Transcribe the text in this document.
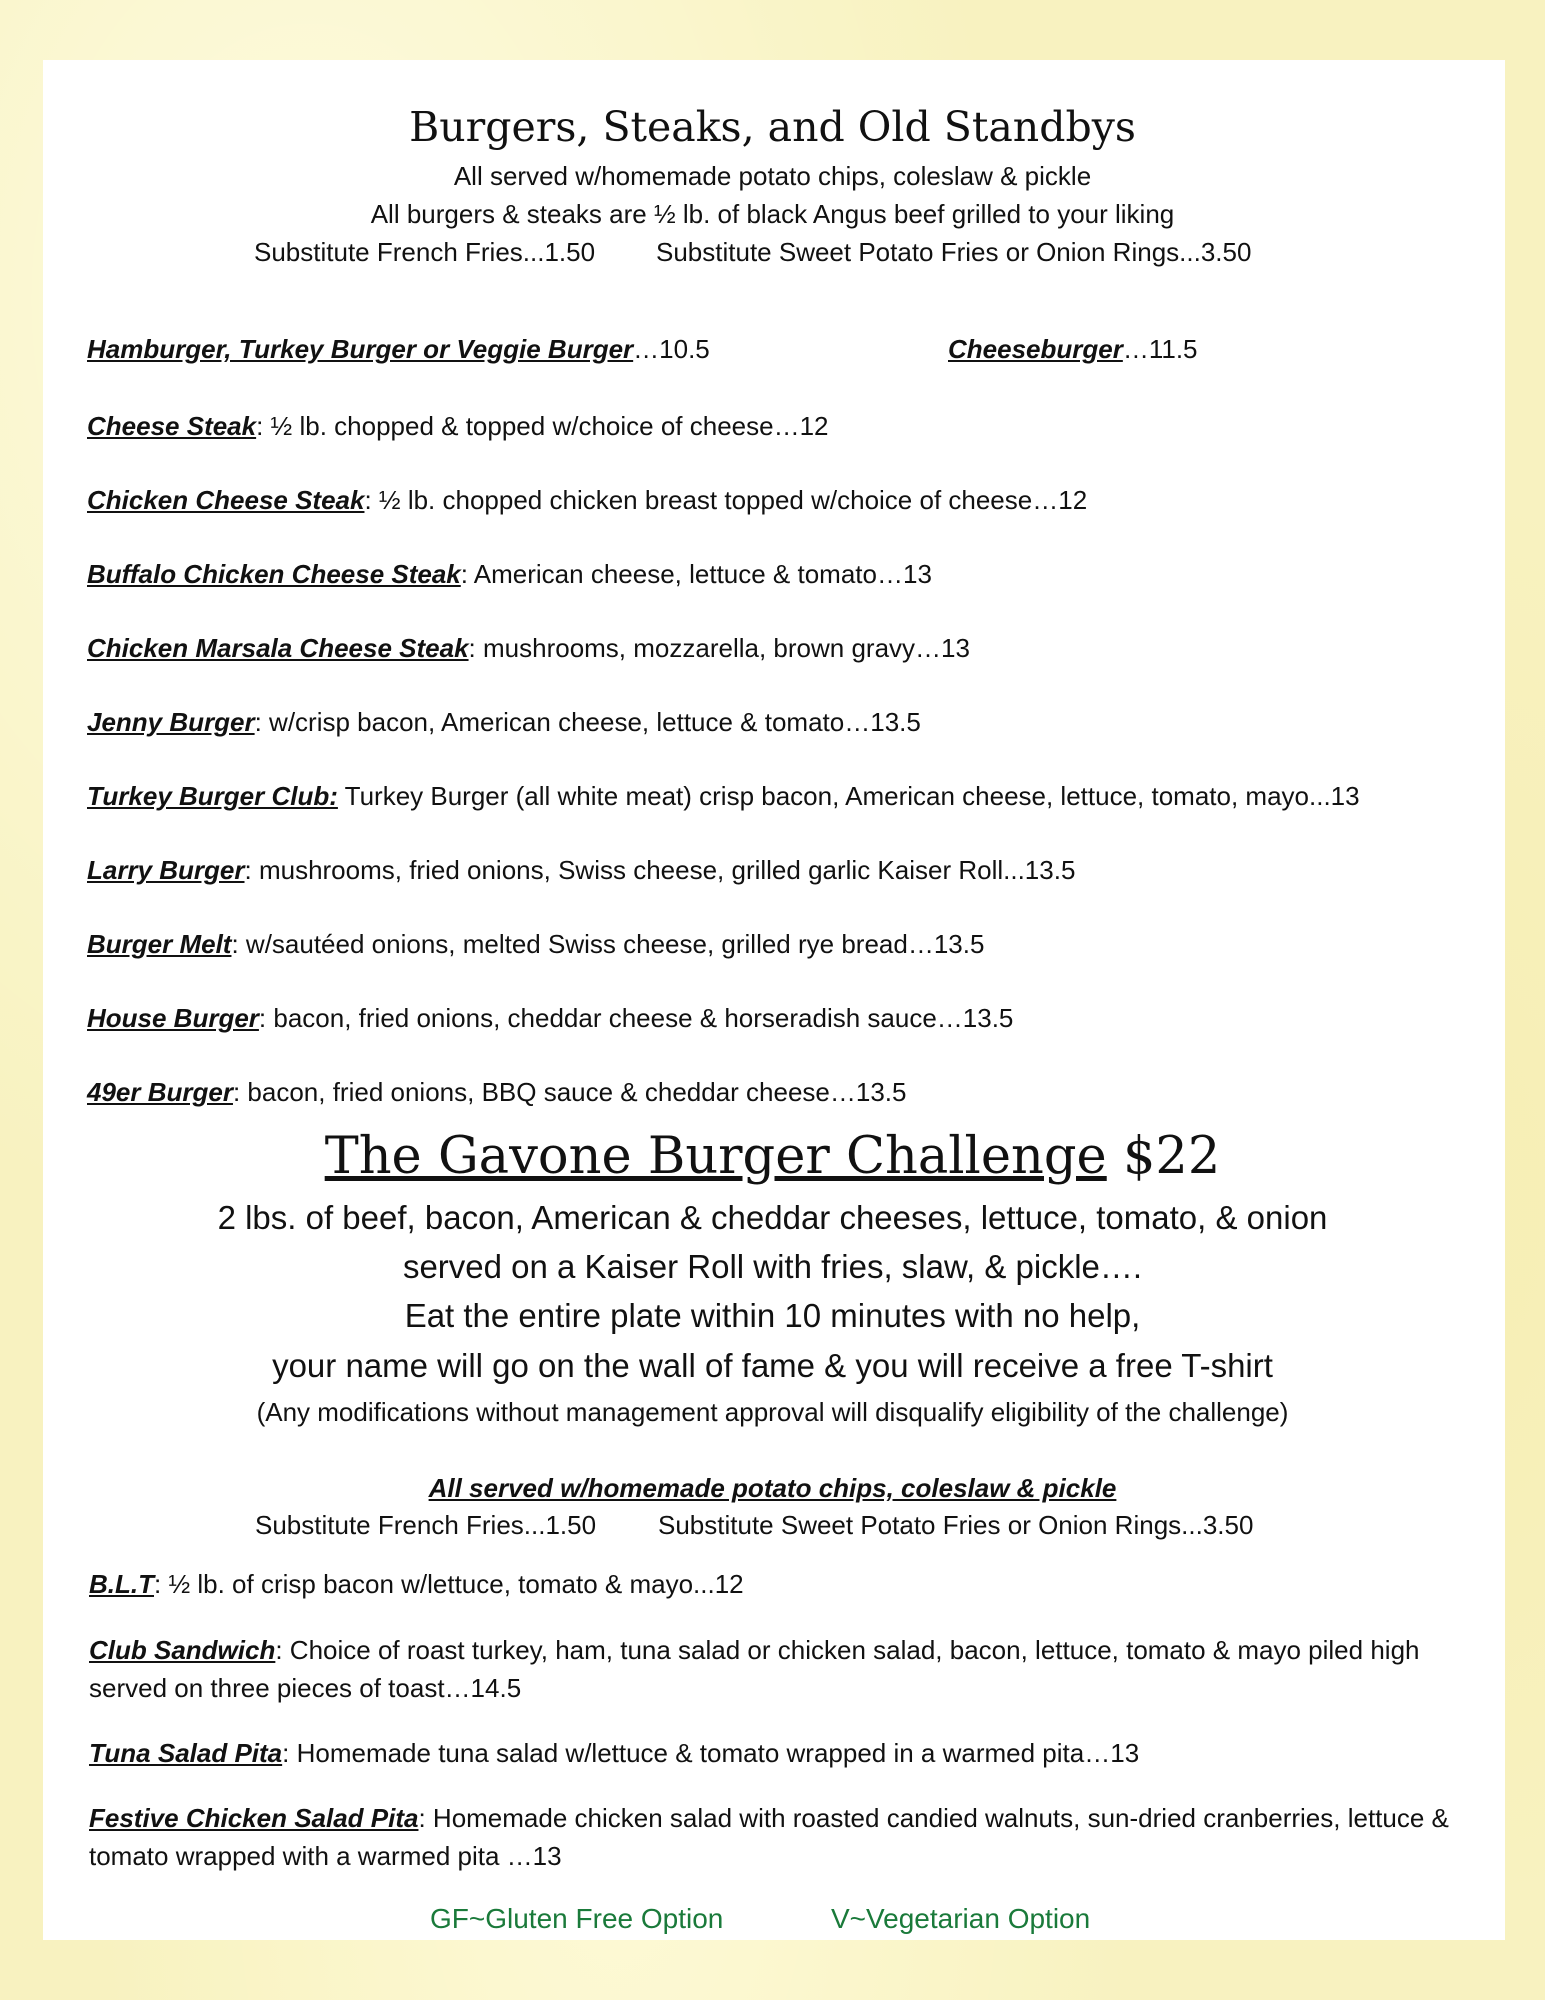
Burgers, Steaks, and Old Standbys
All served w/homemade potato chips, coleslaw & pickle
All burgers & steaks are ½ lb. of black Angus beef grilled to your liking
Substitute French Fries...1.50 Substitute Sweet Potato Fries or Onion Rings...3.50
Hamburger, Turkey Burger or Veggie Burger…10.5	Cheeseburger…11.5
Cheese Steak: ½ lb. chopped & topped w/choice of cheese…12
Chicken Cheese Steak: ½ lb. chopped chicken breast topped w/choice of cheese…12
Buffalo Chicken Cheese Steak: American cheese, lettuce & tomato…13
Chicken Marsala Cheese Steak: mushrooms, mozzarella, brown gravy…13
Jenny Burger: w/crisp bacon, American cheese, lettuce & tomato…13.5
Turkey Burger Club: Turkey Burger (all white meat) crisp bacon, American cheese, lettuce, tomato, mayo...13
Larry Burger: mushrooms, fried onions, Swiss cheese, grilled garlic Kaiser Roll...13.5
Burger Melt: w/sautéed onions, melted Swiss cheese, grilled rye bread…13.5
House Burger: bacon, fried onions, cheddar cheese & horseradish sauce…13.5
49er Burger: bacon, fried onions, BBQ sauce & cheddar cheese…13.5
The Gavone Burger Challenge $22
2 lbs. of beef, bacon, American & cheddar cheeses, lettuce, tomato, & onion
served on a Kaiser Roll with fries, slaw, & pickle….
Eat the entire plate within 10 minutes with no help,
your name will go on the wall of fame & you will receive a free T-shirt
(Any modifications without management approval will disqualify eligibility of the challenge)
All served w/homemade potato chips, coleslaw & pickle
Substitute French Fries...1.50 Substitute Sweet Potato Fries or Onion Rings...3.50
B.L.T: ½ lb. of crisp bacon w/lettuce, tomato & mayo...12
Club Sandwich: Choice of roast turkey, ham, tuna salad or chicken salad, bacon, lettuce, tomato & mayo piled high served on three pieces of toast…14.5
Tuna Salad Pita: Homemade tuna salad w/lettuce & tomato wrapped in a warmed pita…13
Festive Chicken Salad Pita: Homemade chicken salad with roasted candied walnuts, sun-dried cranberries, lettuce & tomato wrapped with a warmed pita …13
GF~Gluten Free Option	V~Vegetarian Option
